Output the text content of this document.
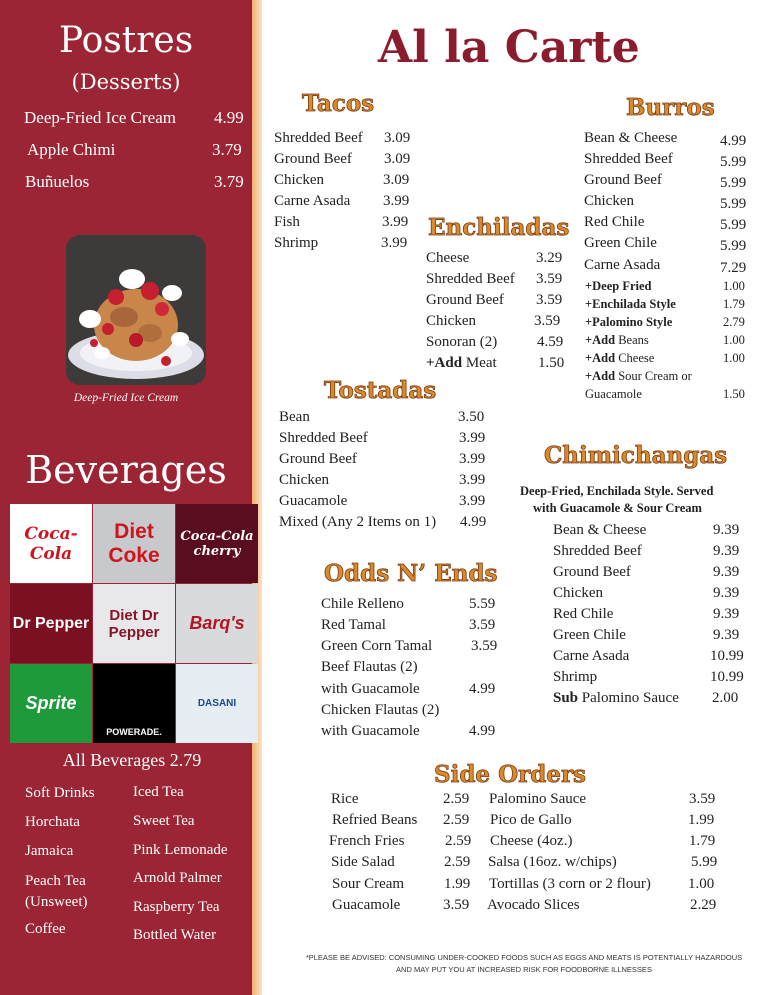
Postres
(Desserts)
Deep-Fried Ice Cream 4.99
Apple Chimi	3.79
Buñuelos	3.79
Deep-Fried Ice Cream
Beverages
Coca-Cola
Diet Coke
Coca-Cola cherry
Dr Pepper	Diet Dr Pepper	Barq's
Sprite
POWERADE.
DASANI
All Beverages 2.79
Soft Drinks
Horchata
Jamaica
Peach Tea (Unsweet)
Coffee
Iced Tea
Sweet Tea
Pink Lemonade
Arnold Palmer
Raspberry Tea
Bottled Water
Al la Carte
Tacos
Shredded Beef 3.09
Ground Beef 3.09
Chicken	3.09
Carne Asada 3.99
Fish	3.99
Shrimp	3.99
Enchiladas
Cheese	3.29
Shredded Beef 3.59
Ground Beef 3.59
Chicken	3.59
Sonoran (2)	4.59
+Add Meat	1.50
Burros
Bean & Cheese	4.99
Shredded Beef	5.99
Ground Beef	5.99
Chicken	5.99
Red Chile	5.99
Green Chile	5.99
Carne Asada	7.29
+Deep Fried	1.00
+Enchilada Style	1.79
+Palomino Style	2.79
+Add Beans	1.00
+Add Cheese	1.00
+Add Sour Cream or
Guacamole	1.50
Tostadas
Bean	3.50
Shredded Beef	3.99
Ground Beef	3.99
Chicken	3.99
Guacamole	3.99
Mixed (Any 2 Items on 1) 4.99
Chimichangas
Deep-Fried, Enchilada Style. Served
with Guacamole & Sour Cream
Bean & Cheese	9.39
Shredded Beef	9.39
Ground Beef	9.39
Chicken	9.39
Red Chile	9.39
Green Chile	9.39
Carne Asada	10.99
Shrimp	10.99
Sub Palomino Sauce 2.00
Odds N’ Ends
Chile Relleno	5.59
Red Tamal	3.59
Green Corn Tamal	3.59
Beef Flautas (2)
with Guacamole	4.99
Chicken Flautas (2)
with Guacamole	4.99
Side Orders
Rice	2.59
Refried Beans 2.59
French Fries	2.59
Side Salad	2.59
Sour Cream	1.99
Guacamole	3.59
Palomino Sauce	3.59
Pico de Gallo	1.99
Cheese (4oz.)	1.79
Salsa (16oz. w/chips)	5.99
Tortillas (3 corn or 2 flour) 1.00
Avocado Slices	2.29
*PLEASE BE ADVISED: CONSUMING UNDER-COOKED FOODS SUCH AS EGGS AND MEATS IS POTENTIALLY HAZARDOUS
AND MAY PUT YOU AT INCREASED RISK FOR FOODBORNE ILLNESSES
